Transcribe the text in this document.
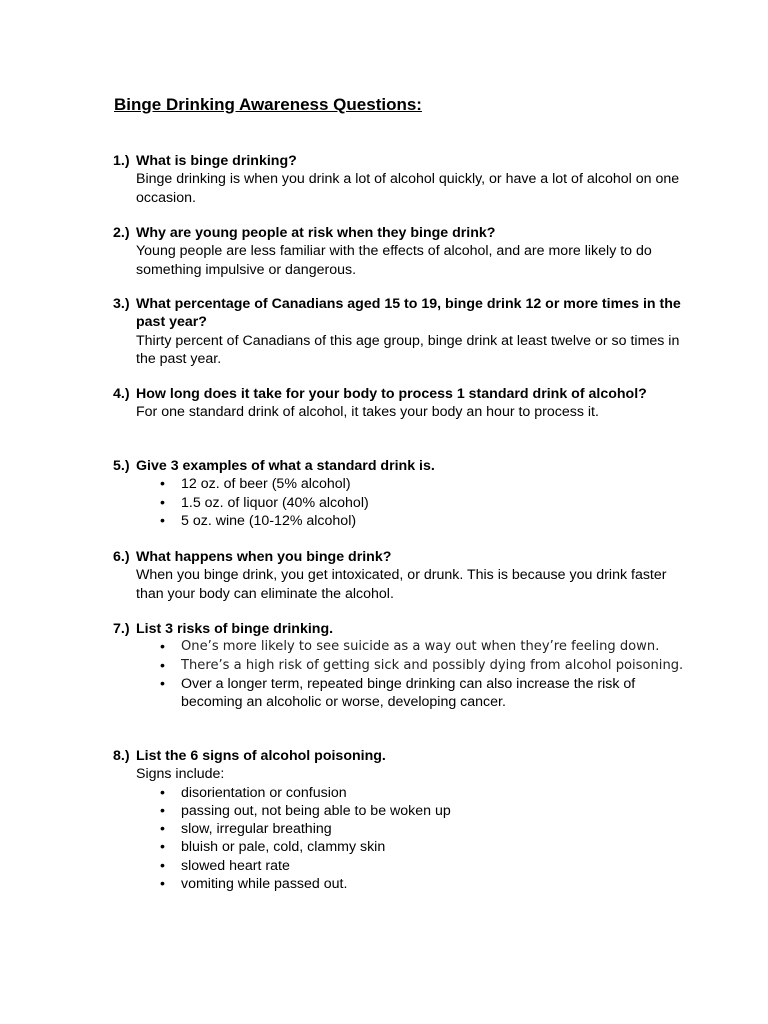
Binge Drinking Awareness Questions:
1.) What is binge drinking?
Binge drinking is when you drink a lot of alcohol quickly, or have a lot of alcohol on one occasion.
2.) Why are young people at risk when they binge drink?
Young people are less familiar with the effects of alcohol, and are more likely to do something impulsive or dangerous.
3.) What percentage of Canadians aged 15 to 19, binge drink 12 or more times in the past year?
Thirty percent of Canadians of this age group, binge drink at least twelve or so times in the past year.
4.) How long does it take for your body to process 1 standard drink of alcohol?
For one standard drink of alcohol, it takes your body an hour to process it.
5.) Give 3 examples of what a standard drink is.
•	12 oz. of beer (5% alcohol)
•	1.5 oz. of liquor (40% alcohol)
•	5 oz. wine (10-12% alcohol)
6.) What happens when you binge drink?
When you binge drink, you get intoxicated, or drunk. This is because you drink faster than your body can eliminate the alcohol.
7.) List 3 risks of binge drinking.
•	One’s more likely to see suicide as a way out when they’re feeling down.
•	There’s a high risk of getting sick and possibly dying from alcohol poisoning.
•	Over a longer term, repeated binge drinking can also increase the risk of becoming an alcoholic or worse, developing cancer.
8.) List the 6 signs of alcohol poisoning.
Signs include:
•	disorientation or confusion
•	passing out, not being able to be woken up
•	slow, irregular breathing
•	bluish or pale, cold, clammy skin
•	slowed heart rate
•	vomiting while passed out.
